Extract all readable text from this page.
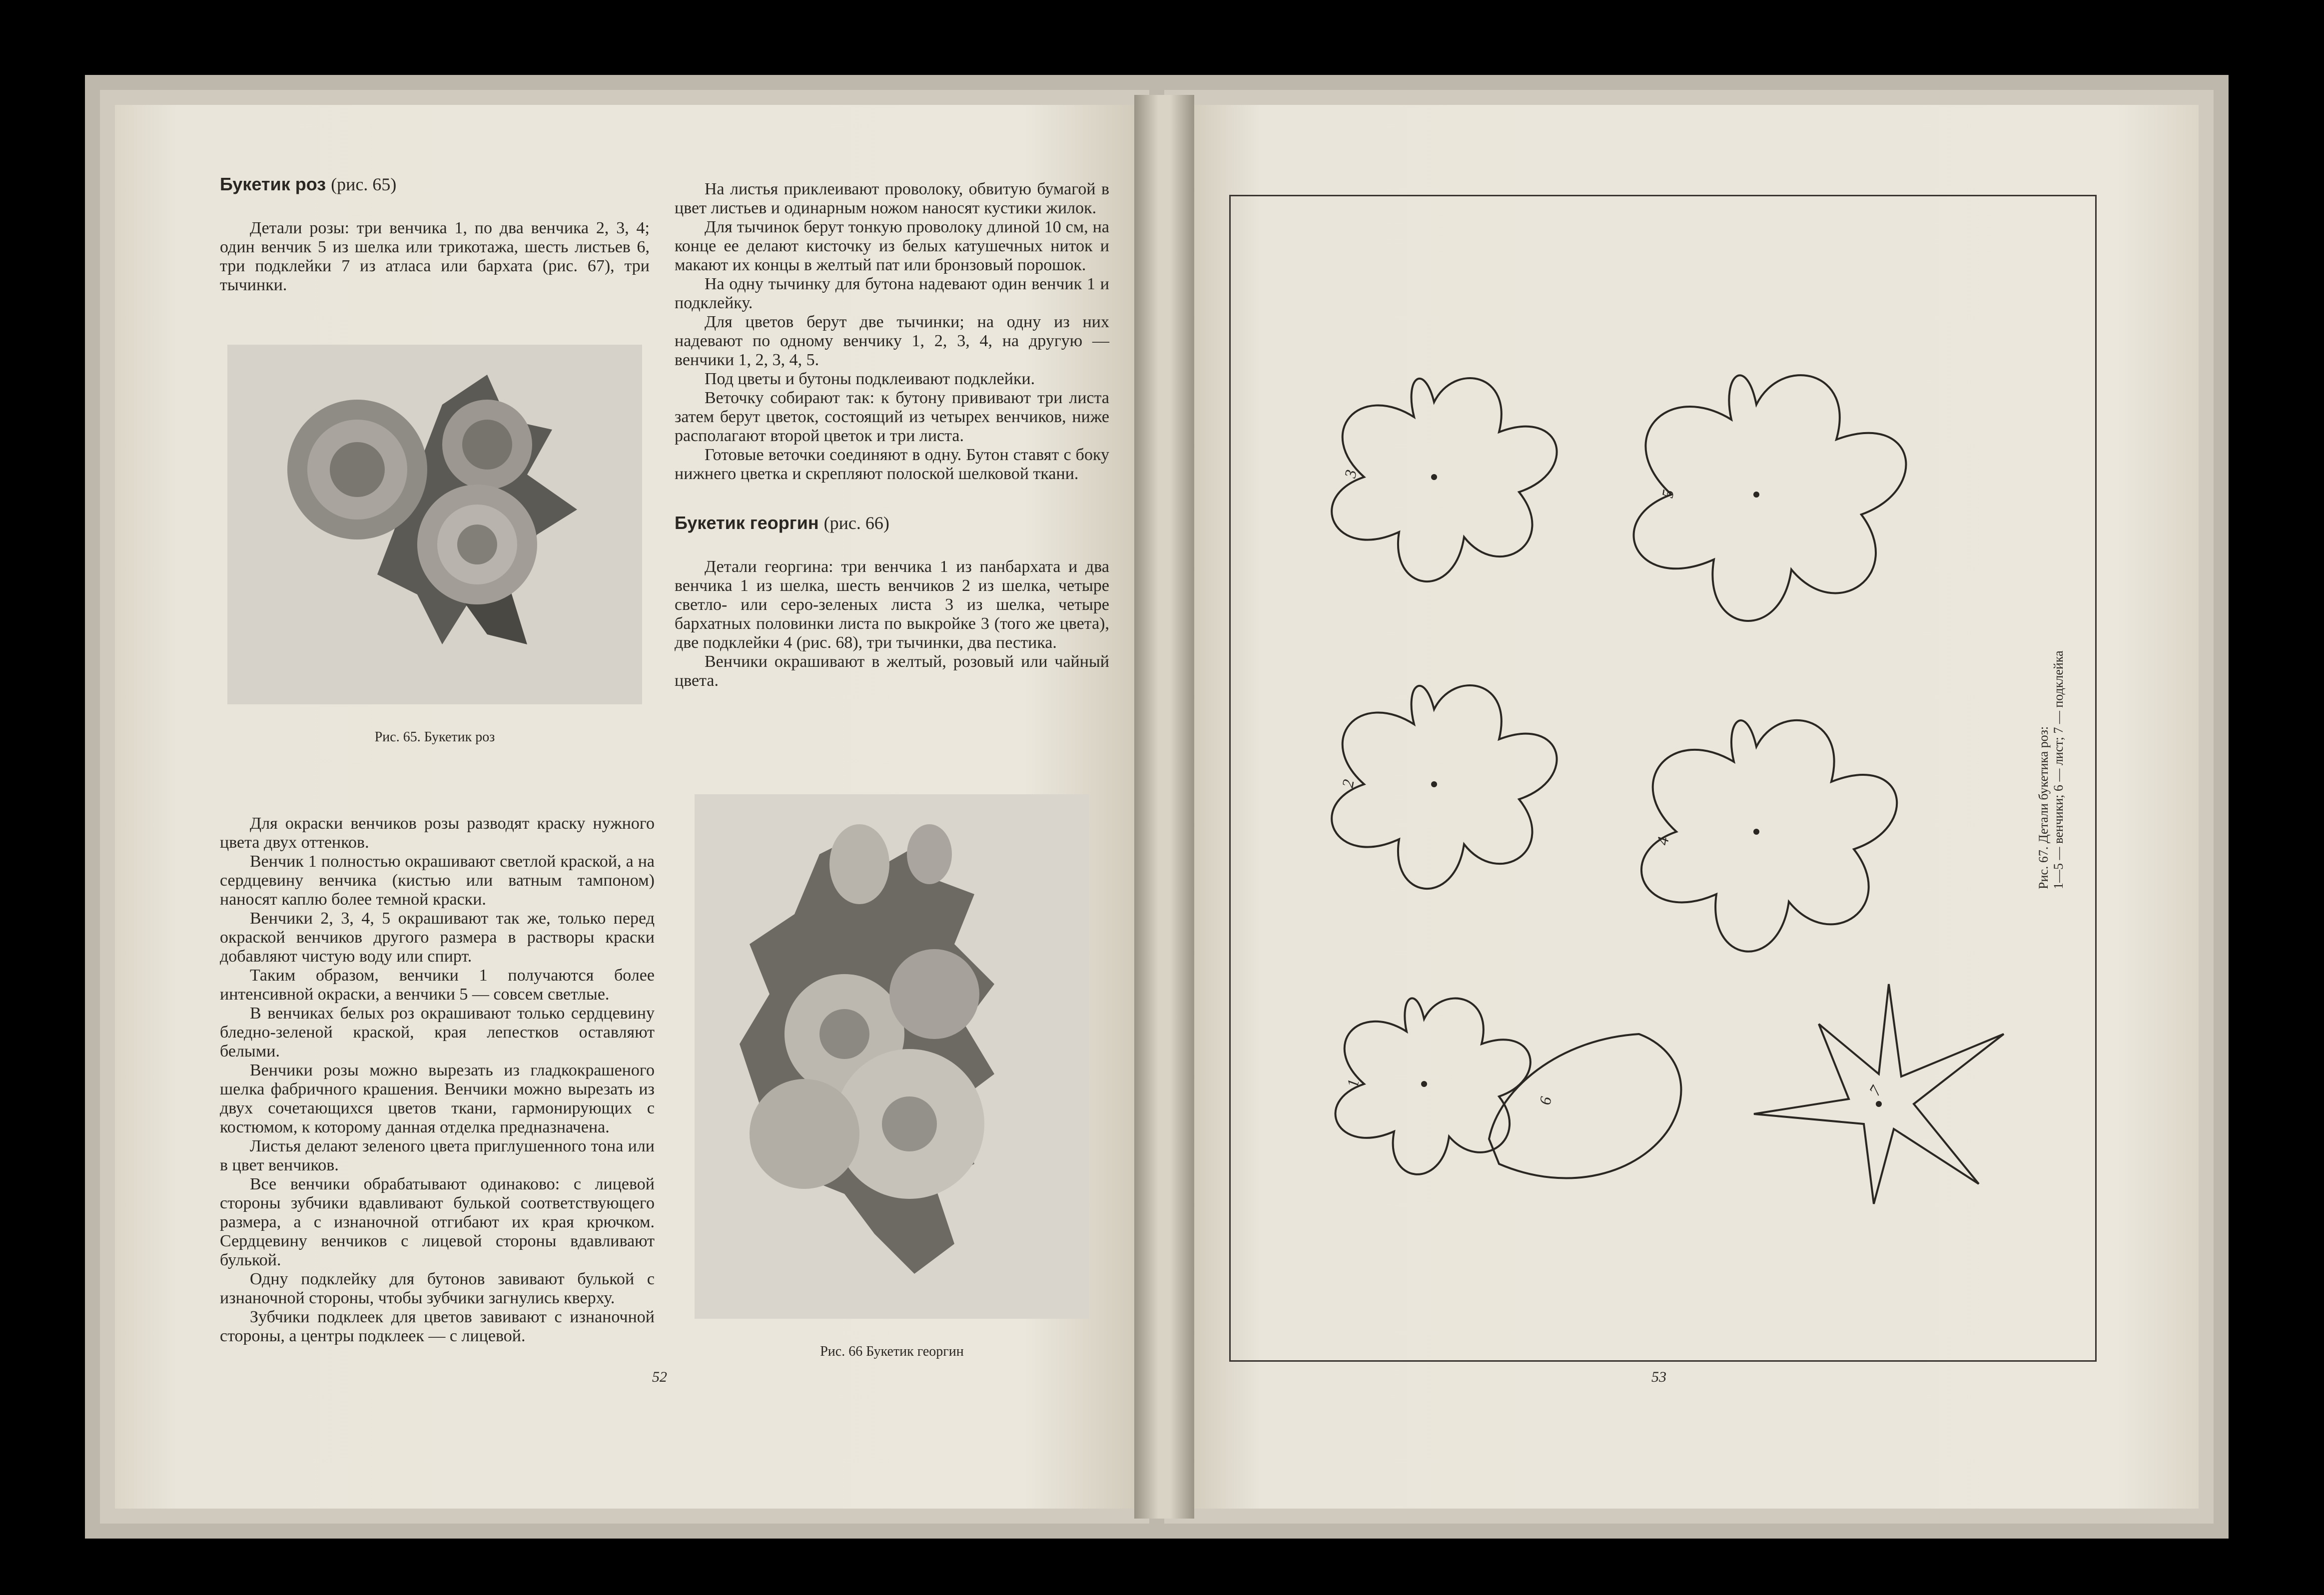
Букетик роз (рис. 65)

Детали розы: три венчика 1, по два венчика 2, 3, 4; один венчик 5 из шелка или трикотажа, шесть листьев 6, три подклейки 7 из атласа или бархата (рис. 67), три тычинки.

Рис. 65. Букетик роз

Для окраски венчиков розы разводят краску нужного цвета двух оттенков.

Венчик 1 полностью окрашивают светлой краской, а на сердцевину венчика (кистью или ватным тампоном) наносят каплю более темной краски.

Венчики 2, 3, 4, 5 окрашивают так же, только перед окраской венчиков другого размера в растворы краски добавляют чистую воду или спирт.

Таким образом, венчики 1 получаются более интенсивной окраски, а венчики 5 — совсем светлые.

В венчиках белых роз окрашивают только сердцевину бледно-зеленой краской, края лепестков оставляют белыми.

Венчики розы можно вырезать из гладкокрашеного шелка фабричного крашения. Венчики можно вырезать из двух сочетающихся цветов ткани, гармонирующих с костюмом, к которому данная отделка предназначена.

Листья делают зеленого цвета приглушенного тона или в цвет венчиков.

Все венчики обрабатывают одинаково: с лицевой стороны зубчики вдавливают булькой соответствующего размера, а с изнаночной отгибают их края крючком. Сердцевину венчиков с лицевой стороны вдавливают булькой.

Одну подклейку для бутонов завивают булькой с изнаночной стороны, чтобы зубчики загнулись кверху.

Зубчики подклеек для цветов завивают с изнаночной стороны, а центры подклеек — с лицевой.

На листья приклеивают проволоку, обвитую бумагой в цвет листьев и одинарным ножом наносят кустики жилок.

Для тычинок берут тонкую проволоку длиной 10 см, на конце ее делают кисточку из белых катушечных ниток и макают их концы в желтый пат или бронзовый порошок.

На одну тычинку для бутона надевают один венчик 1 и подклейку.

Для цветов берут две тычинки; на одну из них надевают по одному венчику 1, 2, 3, 4, на другую — венчики 1, 2, 3, 4, 5.

Под цветы и бутоны подклеивают подклейки.

Веточку собирают так: к бутону прививают три листа затем берут цветок, состоящий из четырех венчиков, ниже располагают второй цветок и три листа.

Готовые веточки соединяют в одну. Бутон ставят с боку нижнего цветка и скрепляют полоской шелковой ткани.

Букетик георгин (рис. 66)

Детали георгина: три венчика 1 из панбархата и два венчика 1 из шелка, шесть венчиков 2 из шелка, четыре светло- или серо-зеленых листа 3 из шелка, четыре бархатных половинки листа по выкройке 3 (того же цвета), две подклейки 4 (рис. 68), три тычинки, два пестика.

Венчики окрашивают в желтый, розовый или чайный цвета.

Рис. 66 Букетик георгин
52
Рис. 67. Детали букетика роз: 1—5 — венчики; 6 — лист; 7 — подклейка
3
5
2
4
1
6
7
53
